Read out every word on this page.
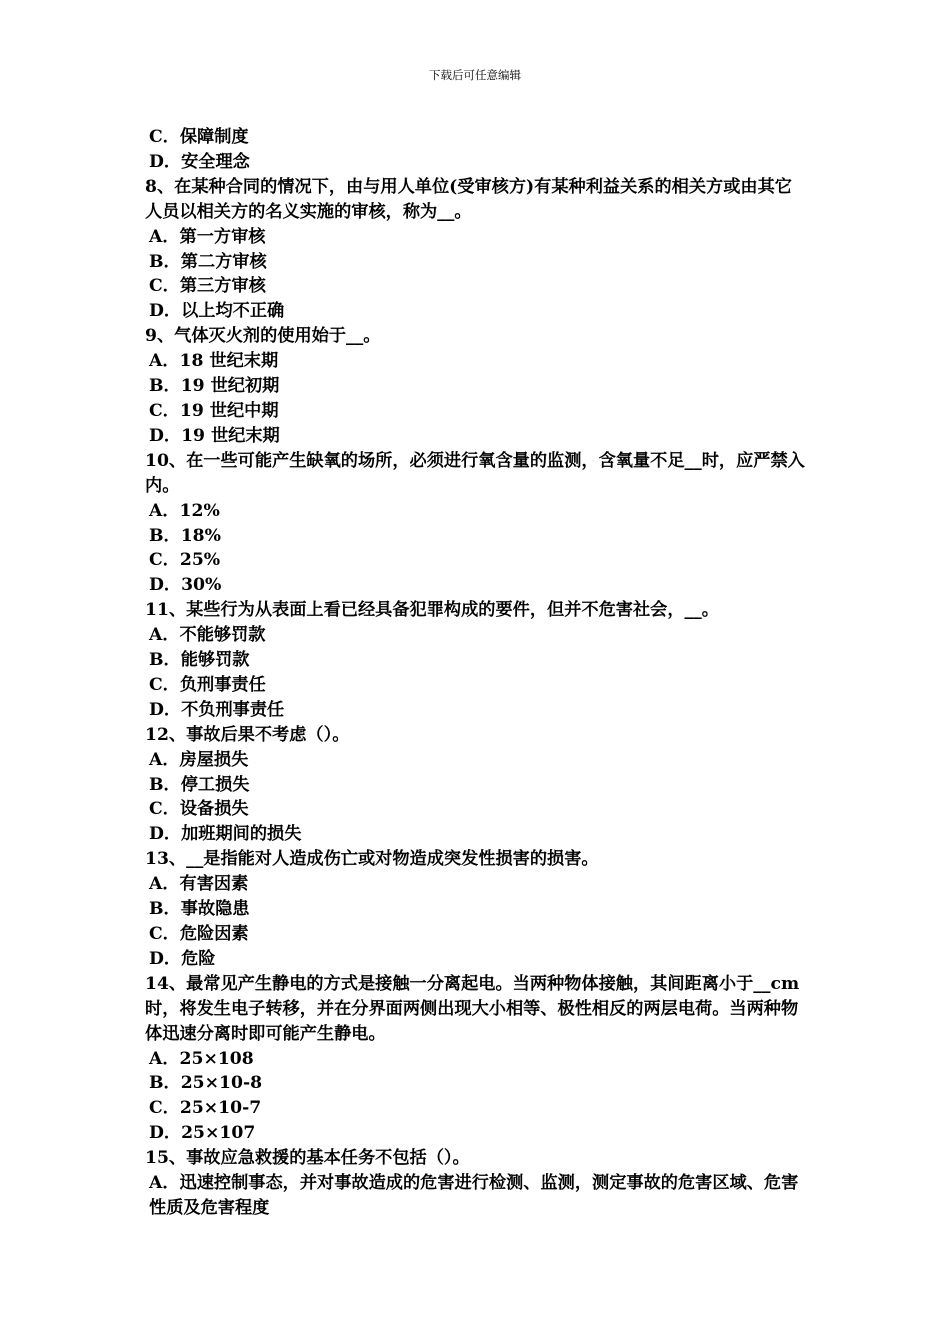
下载后可任意编辑
C．保障制度
D．安全理念
8、在某种合同的情况下，由与用人单位(受审核方)有某种利益关系的相关方或由其它人员以相关方的名义实施的审核，称为__。
A．第一方审核
B．第二方审核
C．第三方审核
D．以上均不正确
9、气体灭火剂的使用始于__。
A．18 世纪末期
B．19 世纪初期
C．19 世纪中期
D．19 世纪末期
10、在一些可能产生缺氧的场所，必须进行氧含量的监测，含氧量不足__时，应严禁入内。
A．12%
B．18%
C．25%
D．30%
11、某些行为从表面上看已经具备犯罪构成的要件，但并不危害社会，__。
A．不能够罚款
B．能够罚款
C．负刑事责任
D．不负刑事责任
12、事故后果不考虑（）。
A．房屋损失
B．停工损失
C．设备损失
D．加班期间的损失
13、__是指能对人造成伤亡或对物造成突发性损害的损害。
A．有害因素
B．事故隐患
C．危险因素
D．危险
14、最常见产生静电的方式是接触一分离起电。当两种物体接触，其间距离小于__cm 时，将发生电子转移，并在分界面两侧出现大小相等、极性相反的两层电荷。当两种物体迅速分离时即可能产生静电。
A．25×108
B．25×10-8
C．25×10-7
D．25×107
15、事故应急救援的基本任务不包括（）。
A．迅速控制事态，并对事故造成的危害进行检测、监测，测定事故的危害区域、危害性质及危害程度
